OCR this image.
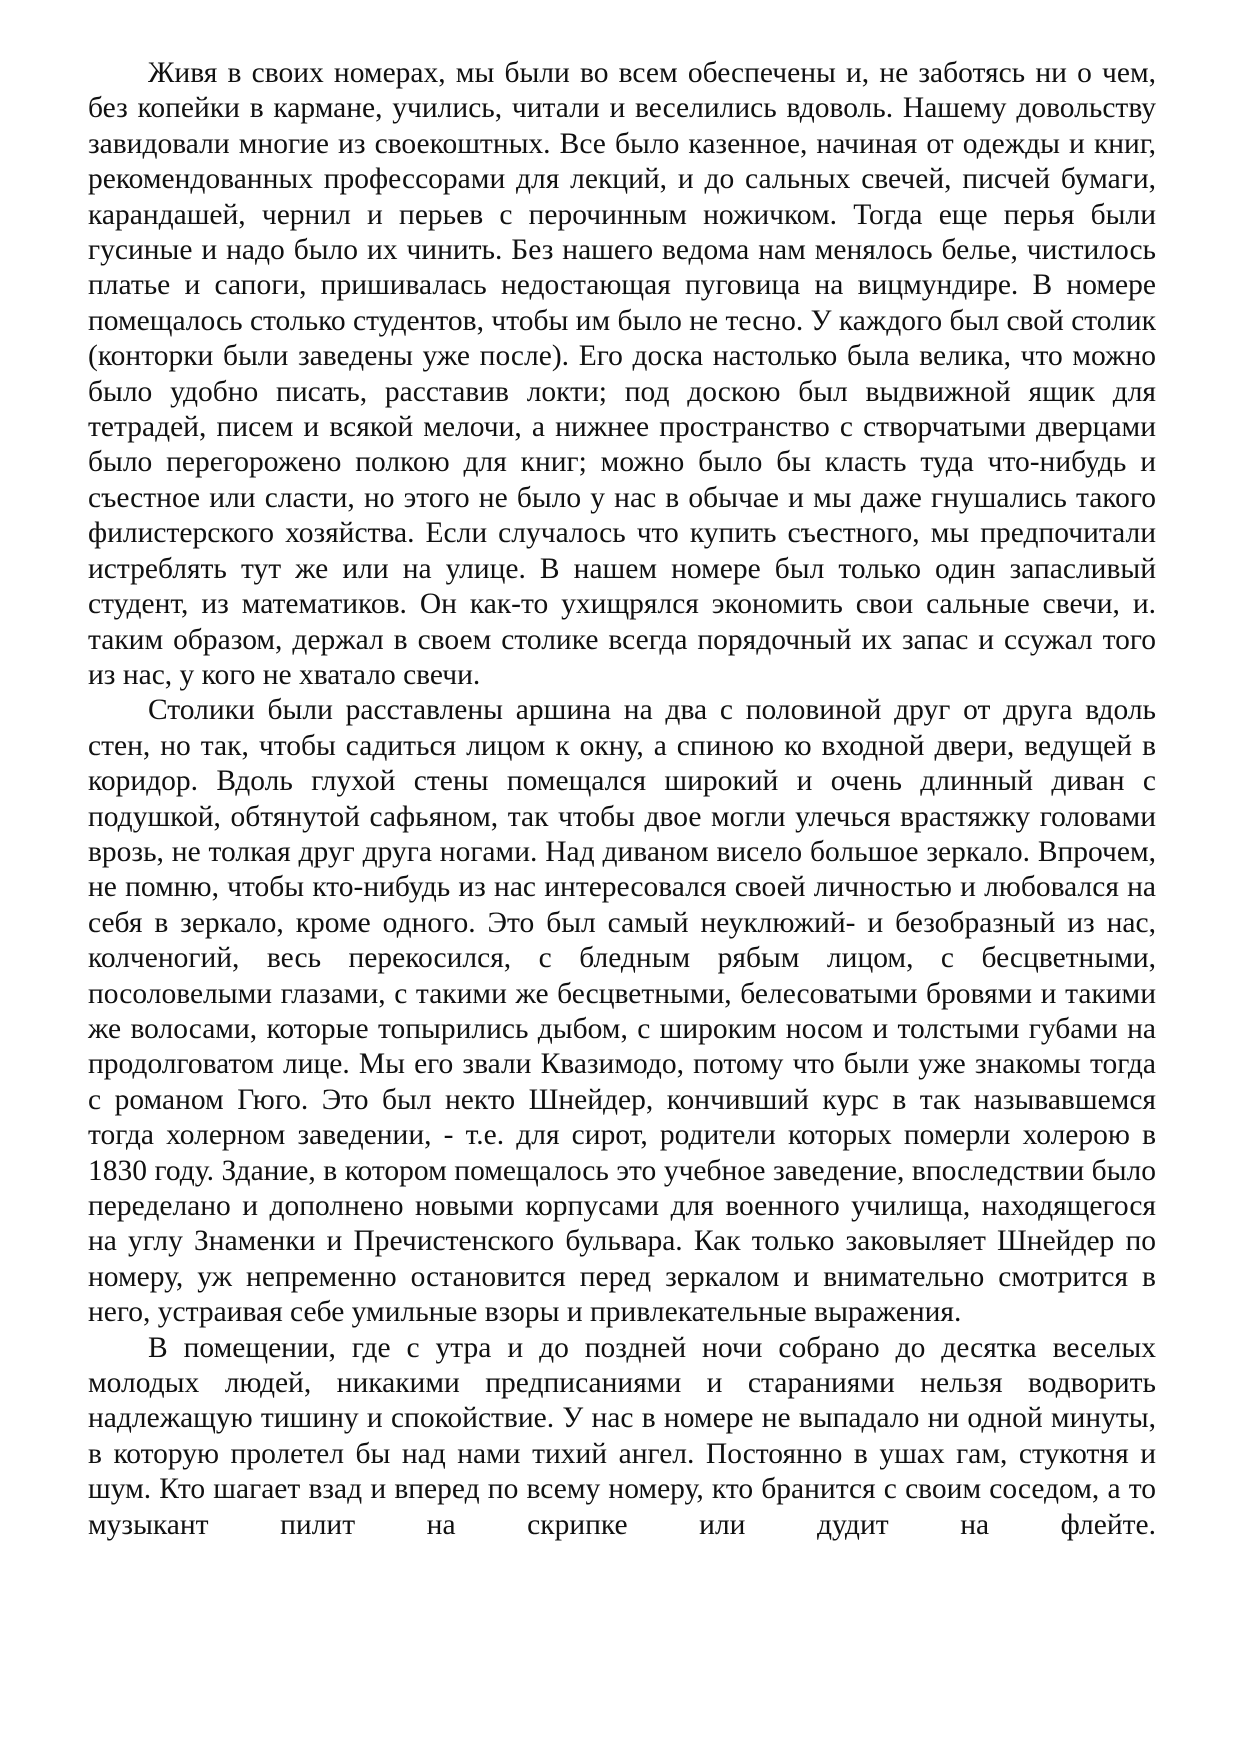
Живя в своих номерах, мы были во всем обеспечены и, не заботясь ни о чем, без копейки в кармане, учились, читали и веселились вдоволь. Нашему довольству завидовали многие из своекоштных. Все было казенное, начиная от одежды и книг, рекомендованных профессорами для лекций, и до сальных свечей, писчей бумаги, карандашей, чернил и перьев с перочинным ножичком. Тогда еще перья были гусиные и надо было их чинить. Без нашего ведома нам менялось белье, чистилось платье и сапоги, пришивалась недостающая пуговица на вицмундире. В номере помещалось столько студентов, чтобы им было не тесно. У каждого был свой столик (конторки были заведены уже после). Его доска настолько была велика, что можно было удобно писать, расставив локти; под доскою был выдвижной ящик для тетрадей, писем и всякой мелочи, а нижнее пространство с створчатыми дверцами было перегорожено полкою для книг; можно было бы класть туда что-нибудь и съестное или сласти, но этого не было у нас в обычае и мы даже гнушались такого филистерского хозяйства. Если случалось что купить съестного, мы предпочитали истреблять тут же или на улице. В нашем номере был только один запасливый студент, из математиков. Он как-то ухищрялся экономить свои сальные свечи, и. таким образом, держал в своем столике всегда порядочный их запас и ссужал того из нас, у кого не хватало свечи.

Столики были расставлены аршина на два с половиной друг от друга вдоль стен, но так, чтобы садиться лицом к окну, а спиною ко входной двери, ведущей в коридор. Вдоль глухой стены помещался широкий и очень длинный диван с подушкой, обтянутой сафьяном, так чтобы двое могли улечься врастяжку головами врозь, не толкая друг друга ногами. Над диваном висело большое зеркало. Впрочем, не помню, чтобы кто-нибудь из нас интересовался своей личностью и любовался на себя в зеркало, кроме одного. Это был самый неуклюжий- и безобразный из нас, колченогий, весь перекосился, с бледным рябым лицом, с бесцветными, посоловелыми глазами, с такими же бесцветными, белесоватыми бровями и такими же волосами, которые топырились дыбом, с широким носом и толстыми губами на продолговатом лице. Мы его звали Квазимодо, потому что были уже знакомы тогда с романом Гюго. Это был некто Шнейдер, кончивший курс в так называвшемся тогда холерном заведении, - т.е. для сирот, родители которых померли холерою в 1830 году. Здание, в котором помещалось это учебное заведение, впоследствии было переделано и дополнено новыми корпусами для военного училища, находящегося на углу Знаменки и Пречистенского бульвара. Как только заковыляет Шнейдер по номеру, уж непременно остановится перед зеркалом и внимательно смотрится в него, устраивая себе умильные взоры и привлекательные выражения.

В помещении, где с утра и до поздней ночи собрано до десятка веселых молодых людей, никакими предписаниями и стараниями нельзя водворить надлежащую тишину и спокойствие. У нас в номере не выпадало ни одной минуты, в которую пролетел бы над нами тихий ангел. Постоянно в ушах гам, стукотня и шум. Кто шагает взад и вперед по всему номеру, кто бранится с своим соседом, а то музыкант пилит на скрипке или дудит на флейте.
